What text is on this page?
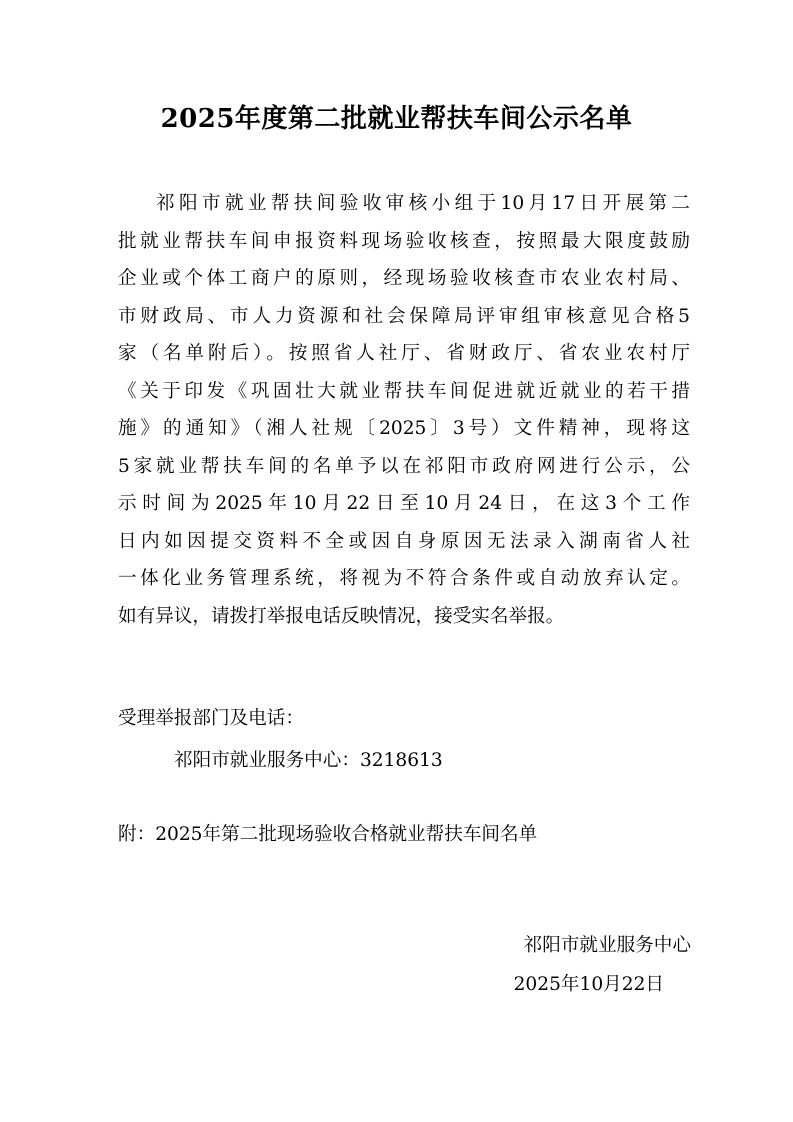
2025年度第二批就业帮扶车间公示名单
祁阳市就业帮扶间验收审核小组于10月17日开展第二
批就业帮扶车间申报资料现场验收核查，按照最大限度鼓励
企业或个体工商户的原则，经现场验收核查市农业农村局、
市财政局、市人力资源和社会保障局评审组审核意见合格5
家（名单附后）。按照省人社厅、省财政厅、省农业农村厅
《关于印发《巩固壮大就业帮扶车间促进就近就业的若干措
施》的通知》（湘人社规〔2025〕3号）文件精神，现将这
5家就业帮扶车间的名单予以在祁阳市政府网进行公示，公
示时间为2025年10月22日至10月24日，在这3个工作
日内如因提交资料不全或因自身原因无法录入湖南省人社
一体化业务管理系统，将视为不符合条件或自动放弃认定。
如有异议，请拨打举报电话反映情况，接受实名举报。
受理举报部门及电话：
祁阳市就业服务中心：3218613
附：2025年第二批现场验收合格就业帮扶车间名单
祁阳市就业服务中心
2025年10月22日
